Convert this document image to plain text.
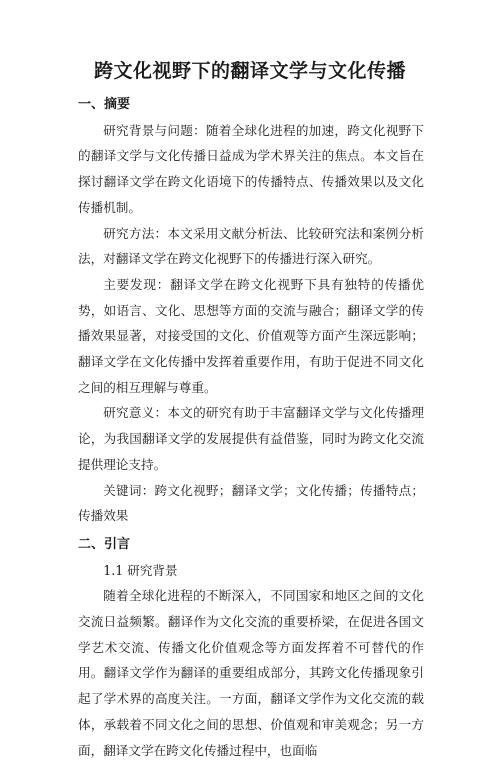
跨文化视野下的翻译文学与文化传播

一、摘要

研究背景与问题：随着全球化进程的加速，跨文化视野下的翻译文学与文化传播日益成为学术界关注的焦点。本文旨在探讨翻译文学在跨文化语境下的传播特点、传播效果以及文化传播机制。

研究方法：本文采用文献分析法、比较研究法和案例分析法，对翻译文学在跨文化视野下的传播进行深入研究。

主要发现：翻译文学在跨文化视野下具有独特的传播优势，如语言、文化、思想等方面的交流与融合；翻译文学的传播效果显著，对接受国的文化、价值观等方面产生深远影响；翻译文学在文化传播中发挥着重要作用，有助于促进不同文化之间的相互理解与尊重。

研究意义：本文的研究有助于丰富翻译文学与文化传播理论，为我国翻译文学的发展提供有益借鉴，同时为跨文化交流提供理论支持。

关键词：跨文化视野；翻译文学；文化传播；传播特点；传播效果

二、引言

1.1 研究背景

随着全球化进程的不断深入，不同国家和地区之间的文化交流日益频繁。翻译作为文化交流的重要桥梁，在促进各国文学艺术交流、传播文化价值观念等方面发挥着不可替代的作用。翻译文学作为翻译的重要组成部分，其跨文化传播现象引起了学术界的高度关注。一方面，翻译文学作为文化交流的载体，承载着不同文化之间的思想、价值观和审美观念；另一方面，翻译文学在跨文化传播过程中，也面临
